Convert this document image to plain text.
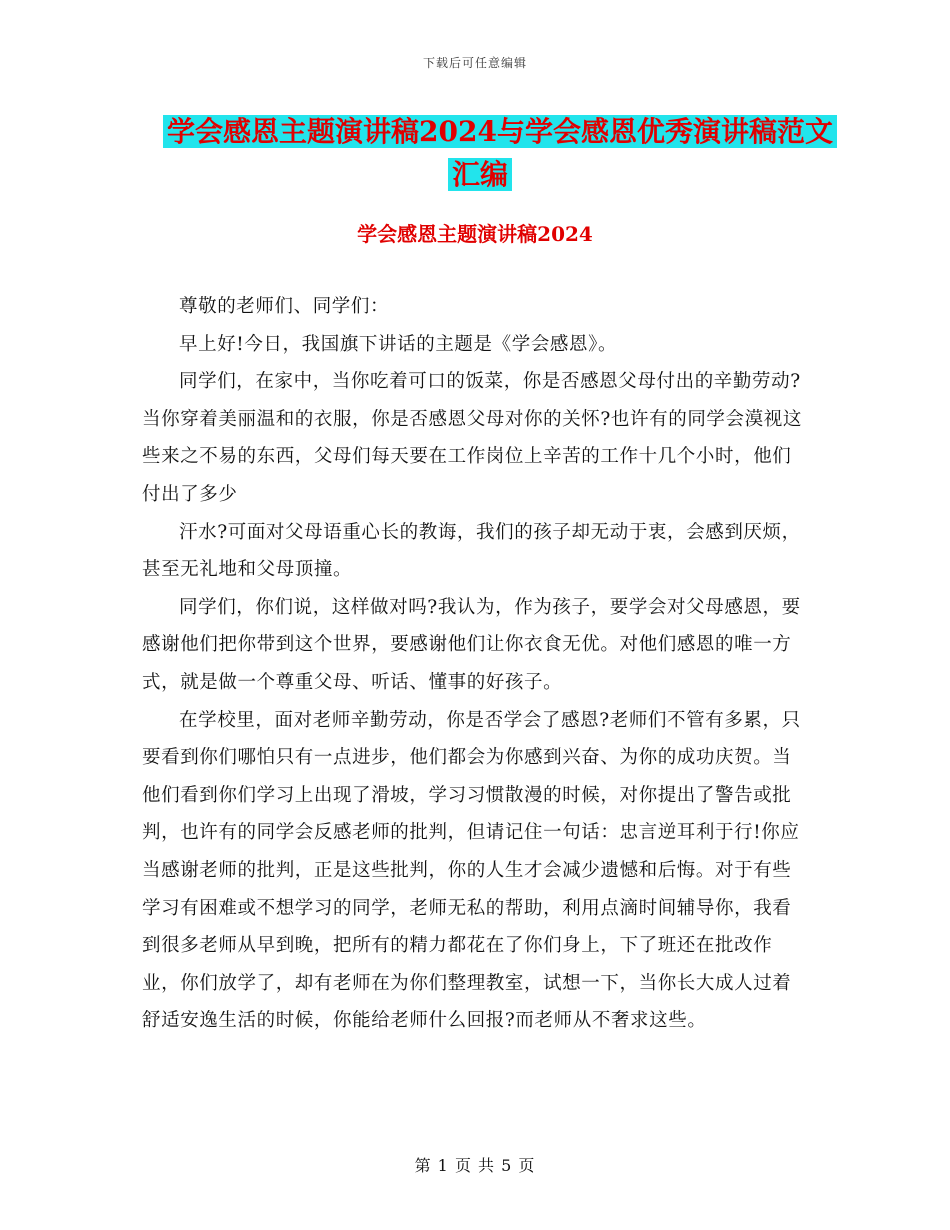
下载后可任意编辑
学会感恩主题演讲稿2024与学会感恩优秀演讲稿范文
汇编
学会感恩主题演讲稿2024

尊敬的老师们、同学们：

早上好!今日，我国旗下讲话的主题是《学会感恩》。

同学们，在家中，当你吃着可口的饭菜，你是否感恩父母付出的辛勤劳动?当你穿着美丽温和的衣服，你是否感恩父母对你的关怀?也许有的同学会漠视这些来之不易的东西，父母们每天要在工作岗位上辛苦的工作十几个小时，他们付出了多少

汗水?可面对父母语重心长的教诲，我们的孩子却无动于衷，会感到厌烦，甚至无礼地和父母顶撞。

同学们，你们说，这样做对吗?我认为，作为孩子，要学会对父母感恩，要感谢他们把你带到这个世界，要感谢他们让你衣食无优。对他们感恩的唯一方式，就是做一个尊重父母、听话、懂事的好孩子。

在学校里，面对老师辛勤劳动，你是否学会了感恩?老师们不管有多累，只要看到你们哪怕只有一点进步，他们都会为你感到兴奋、为你的成功庆贺。当他们看到你们学习上出现了滑坡，学习习惯散漫的时候，对你提出了警告或批判，也许有的同学会反感老师的批判，但请记住一句话：忠言逆耳利于行!你应当感谢老师的批判，正是这些批判，你的人生才会减少遗憾和后悔。对于有些学习有困难或不想学习的同学，老师无私的帮助，利用点滴时间辅导你，我看到很多老师从早到晚，把所有的精力都花在了你们身上，下了班还在批改作业，你们放学了，却有老师在为你们整理教室，试想一下，当你长大成人过着舒适安逸生活的时候，你能给老师什么回报?而老师从不奢求这些。

第 1 页 共 5 页
